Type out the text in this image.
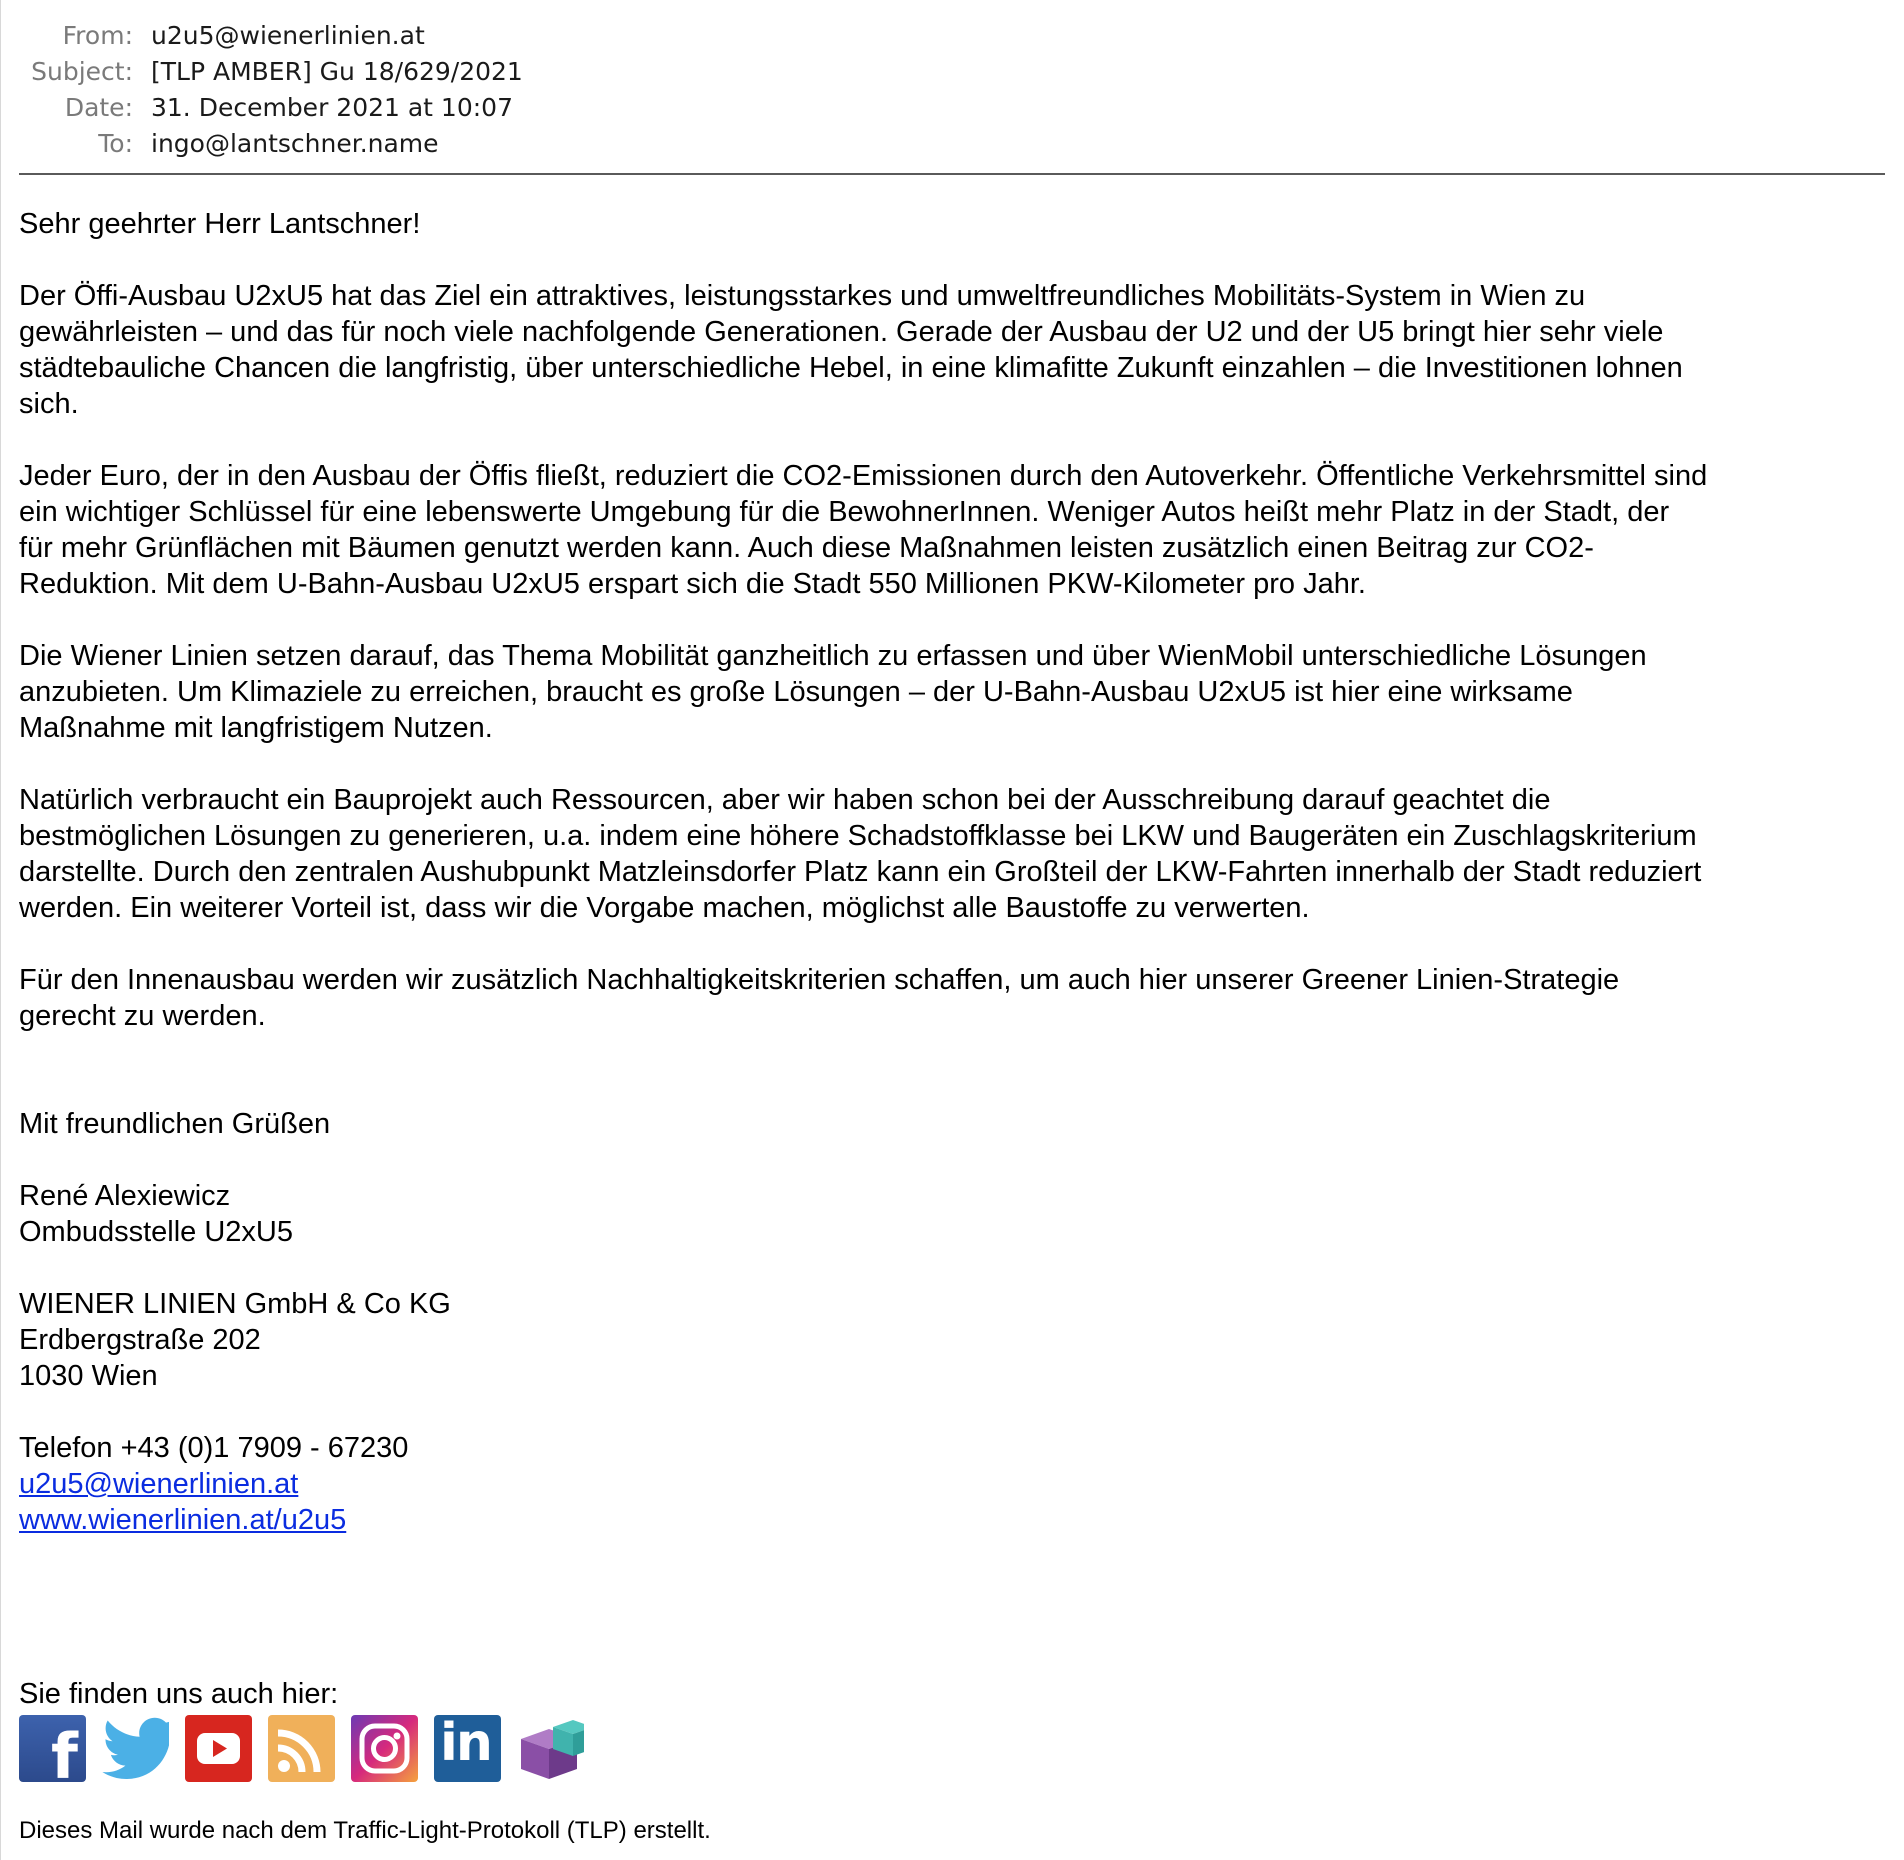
From: u2u5@wienerlinien.at
Subject: [TLP AMBER] Gu 18/629/2021
Date: 31. December 2021 at 10:07
To: ingo@lantschner.name
Sehr geehrter Herr Lantschner!
Der Öffi-Ausbau U2xU5 hat das Ziel ein attraktives, leistungsstarkes und umweltfreundliches Mobilitäts-System in Wien zu
gewährleisten – und das für noch viele nachfolgende Generationen. Gerade der Ausbau der U2 und der U5 bringt hier sehr viele
städtebauliche Chancen die langfristig, über unterschiedliche Hebel, in eine klimafitte Zukunft einzahlen – die Investitionen lohnen
sich.
Jeder Euro, der in den Ausbau der Öffis fließt, reduziert die CO2-Emissionen durch den Autoverkehr. Öffentliche Verkehrsmittel sind
ein wichtiger Schlüssel für eine lebenswerte Umgebung für die BewohnerInnen. Weniger Autos heißt mehr Platz in der Stadt, der
für mehr Grünflächen mit Bäumen genutzt werden kann. Auch diese Maßnahmen leisten zusätzlich einen Beitrag zur CO2-
Reduktion. Mit dem U-Bahn-Ausbau U2xU5 erspart sich die Stadt 550 Millionen PKW-Kilometer pro Jahr.
Die Wiener Linien setzen darauf, das Thema Mobilität ganzheitlich zu erfassen und über WienMobil unterschiedliche Lösungen
anzubieten. Um Klimaziele zu erreichen, braucht es große Lösungen – der U-Bahn-Ausbau U2xU5 ist hier eine wirksame
Maßnahme mit langfristigem Nutzen.
Natürlich verbraucht ein Bauprojekt auch Ressourcen, aber wir haben schon bei der Ausschreibung darauf geachtet die
bestmöglichen Lösungen zu generieren, u.a. indem eine höhere Schadstoffklasse bei LKW und Baugeräten ein Zuschlagskriterium
darstellte. Durch den zentralen Aushubpunkt Matzleinsdorfer Platz kann ein Großteil der LKW-Fahrten innerhalb der Stadt reduziert
werden. Ein weiterer Vorteil ist, dass wir die Vorgabe machen, möglichst alle Baustoffe zu verwerten.
Für den Innenausbau werden wir zusätzlich Nachhaltigkeitskriterien schaffen, um auch hier unserer Greener Linien-Strategie
gerecht zu werden.
Mit freundlichen Grüßen
René Alexiewicz
Ombudsstelle U2xU5
WIENER LINIEN GmbH & Co KG
Erdbergstraße 202
1030 Wien
Telefon +43 (0)1 7909 - 67230
u2u5@wienerlinien.at
www.wienerlinien.at/u2u5
Sie finden uns auch hier:
f	in
Dieses Mail wurde nach dem Traffic-Light-Protokoll (TLP) erstellt.
